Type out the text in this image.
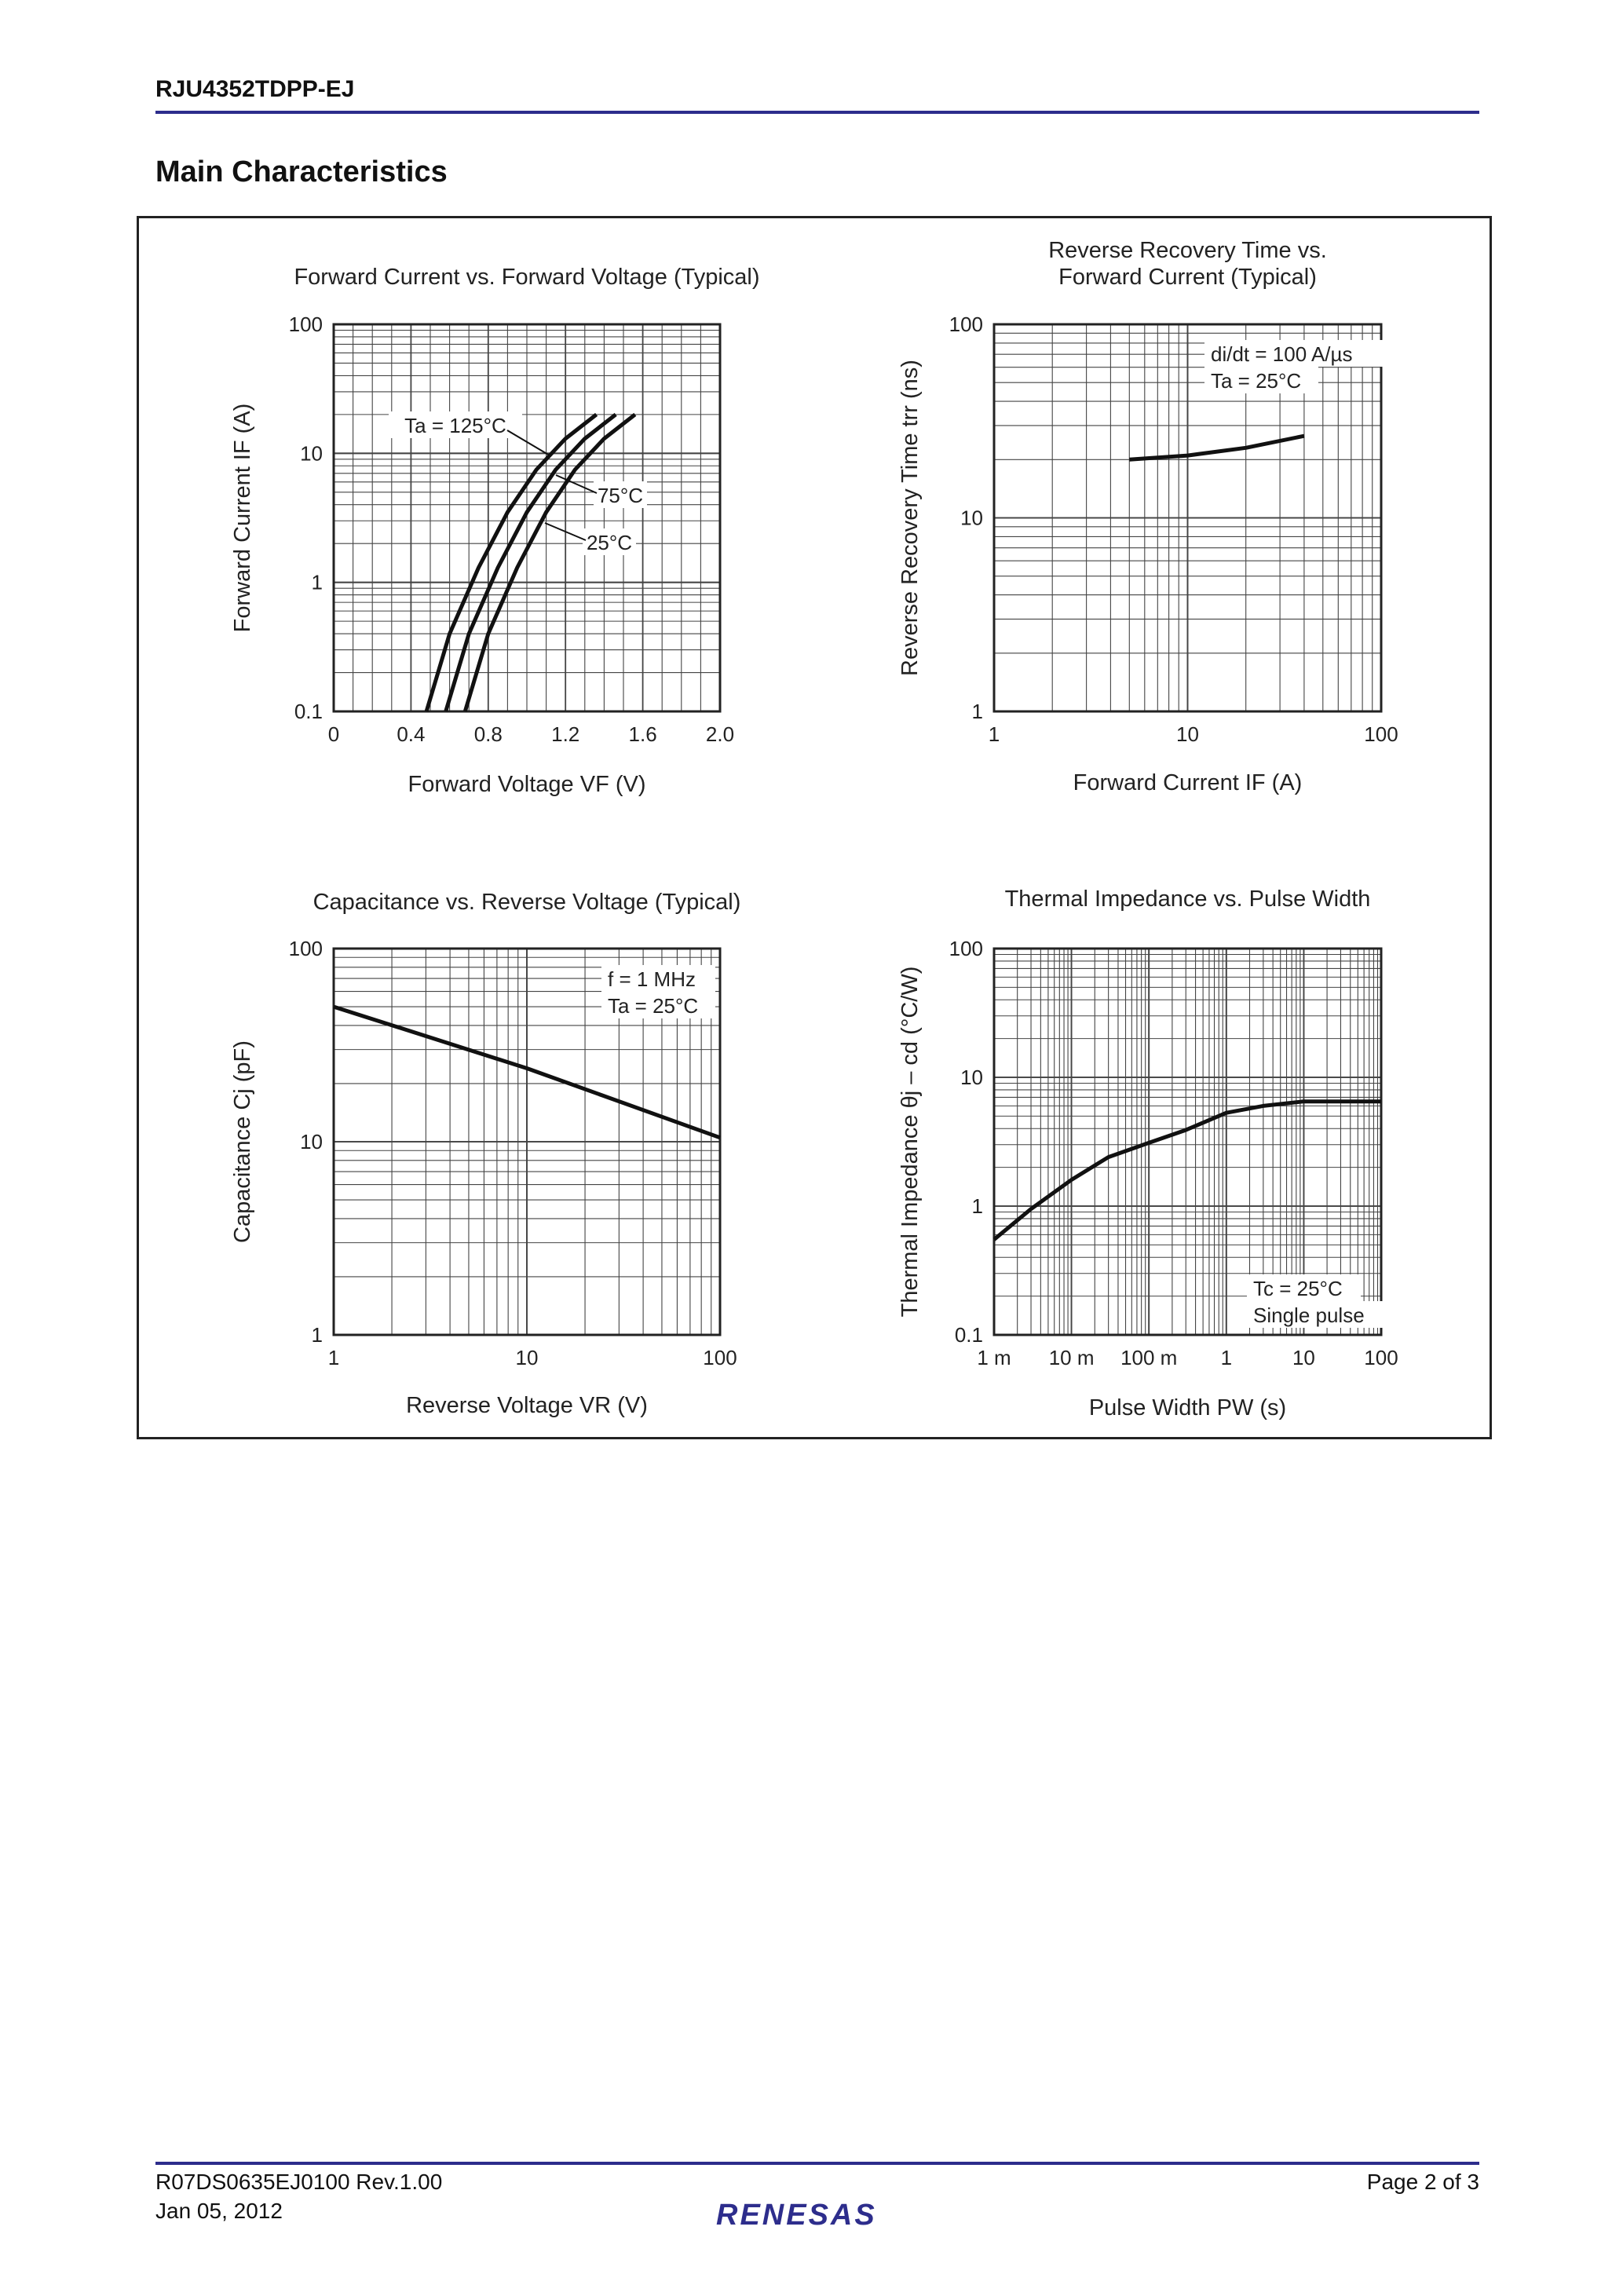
RJU4352TDPP-EJ
Main Characteristics
0	0.4 0.8 1.2 1.6 2.0
0.1
1
10
100
Forward Current vs. Forward Voltage (Typical)
Forward Voltage VF (V)
Forward Current IF (A)	Ta = 125°C
75°C
25°C
1	10	100
1
10
100
Reverse Recovery Time vs.
Forward Current (Typical)
Forward Current IF (A)
Reverse Recovery Time trr (ns)
di/dt = 100 A/µs
Ta = 25°C
1	10	100
1
10
100
Capacitance vs. Reverse Voltage (Typical)
Reverse Voltage VR (V)
Capacitance Cj (pF)
f = 1 MHz
Ta = 25°C
1 m 10 m 100 m 1	10 100
0.1
1
10
100
Thermal Impedance vs. Pulse Width
Pulse Width PW (s)
Thermal Impedance θj – cd (°C/W)	Tc = 25°C
Single pulse
R07DS0635EJ0100 Rev.1.00
Jan 05, 2012
Page 2 of 3
RENESAS
